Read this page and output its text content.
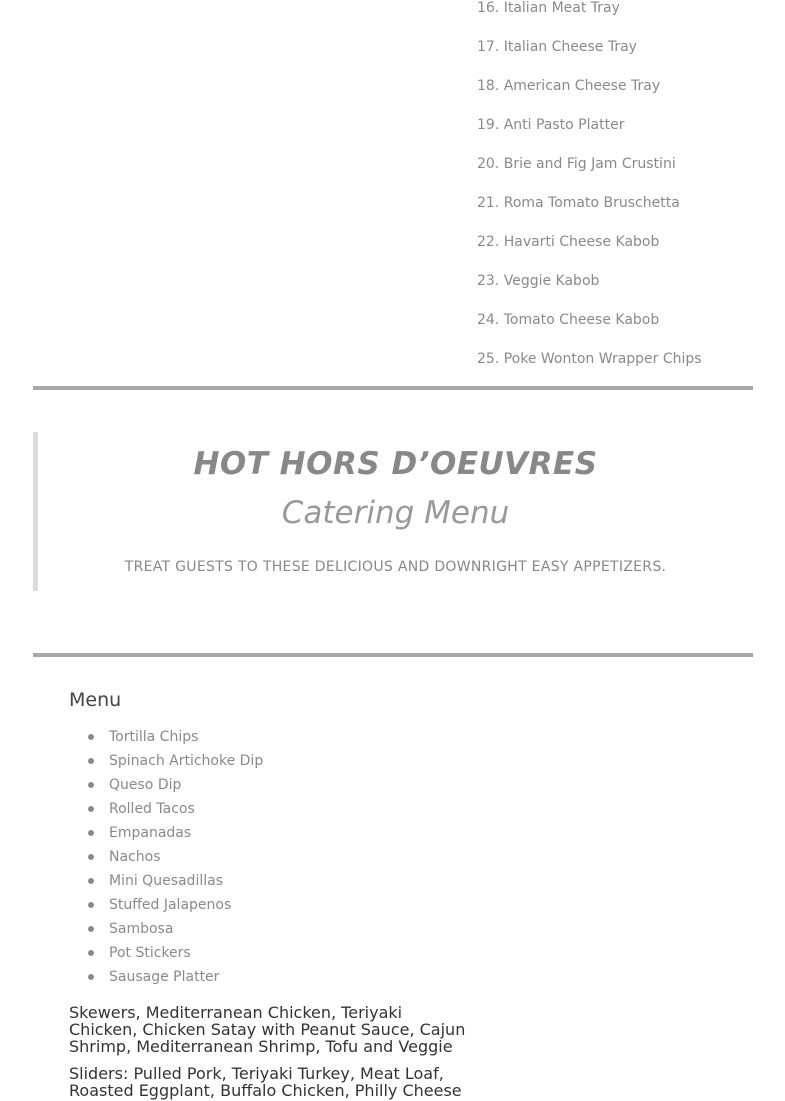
16. Italian Meat Tray
17. Italian Cheese Tray
18. American Cheese Tray
19. Anti Pasto Platter
20. Brie and Fig Jam Crustini
21. Roma Tomato Bruschetta
22. Havarti Cheese Kabob
23. Veggie Kabob
24. Tomato Cheese Kabob
25. Poke Wonton Wrapper Chips
HOT HORS D’OEUVRES
Catering Menu
TREAT GUESTS TO THESE DELICIOUS AND DOWNRIGHT EASY APPETIZERS.
Menu
Tortilla Chips
Spinach Artichoke Dip
Queso Dip
Rolled Tacos
Empanadas
Nachos
Mini Quesadillas
Stuffed Jalapenos
Sambosa
Pot Stickers
Sausage Platter
Skewers, Mediterranean Chicken, Teriyaki Chicken, Chicken Satay with Peanut Sauce, Cajun Shrimp, Mediterranean Shrimp, Tofu and Veggie
Sliders: Pulled Pork, Teriyaki Turkey, Meat Loaf, Roasted Eggplant, Buffalo Chicken, Philly Cheese
